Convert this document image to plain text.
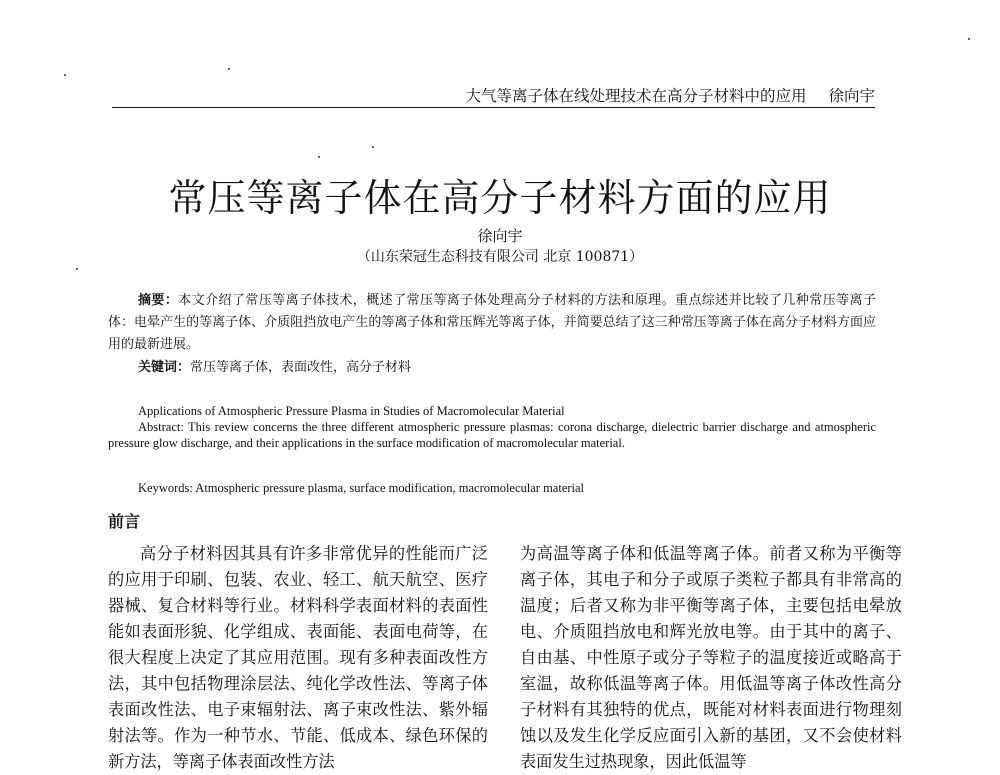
大气等离子体在线处理技术在高分子材料中的应用 徐向宇
常压等离子体在高分子材料方面的应用
徐向宇
（山东荣冠生态科技有限公司 北京 100871）
摘要：本文介绍了常压等离子体技术，概述了常压等离子体处理高分子材料的方法和原理。重点综述并比较了几种常压等离子体：电晕产生的等离子体、介质阻挡放电产生的等离子体和常压辉光等离子体，并简要总结了这三种常压等离子体在高分子材料方面应用的最新进展。
关键词：常压等离子体，表面改性，高分子材料
Applications of Atmospheric Pressure Plasma in Studies of Macromolecular Material
Abstract: This review concerns the three different atmospheric pressure plasmas: corona discharge, dielectric barrier discharge and atmospheric pressure glow discharge, and their applications in the surface modification of macromolecular material.
Keywords: Atmospheric pressure plasma, surface modification, macromolecular material
前言
高分子材料因其具有许多非常优异的性能而广泛的应用于印刷、包装、农业、轻工、航天航空、医疗器械、复合材料等行业。材料科学表面材料的表面性能如表面形貌、化学组成、表面能、表面电荷等，在很大程度上决定了其应用范围。现有多种表面改性方法，其中包括物理涂层法、纯化学改性法、等离子体表面改性法、电子束辐射法、离子束改性法、紫外辐射法等。作为一种节水、节能、低成本、绿色环保的新方法，等离子体表面改性方法
为高温等离子体和低温等离子体。前者又称为平衡等离子体，其电子和分子或原子类粒子都具有非常高的温度；后者又称为非平衡等离子体，主要包括电晕放电、介质阻挡放电和辉光放电等。由于其中的离子、自由基、中性原子或分子等粒子的温度接近或略高于室温，故称低温等离子体。用低温等离子体改性高分子材料有其独特的优点，既能对材料表面进行物理刻蚀以及发生化学反应面引入新的基团，又不会使材料表面发生过热现象，因此低温等
